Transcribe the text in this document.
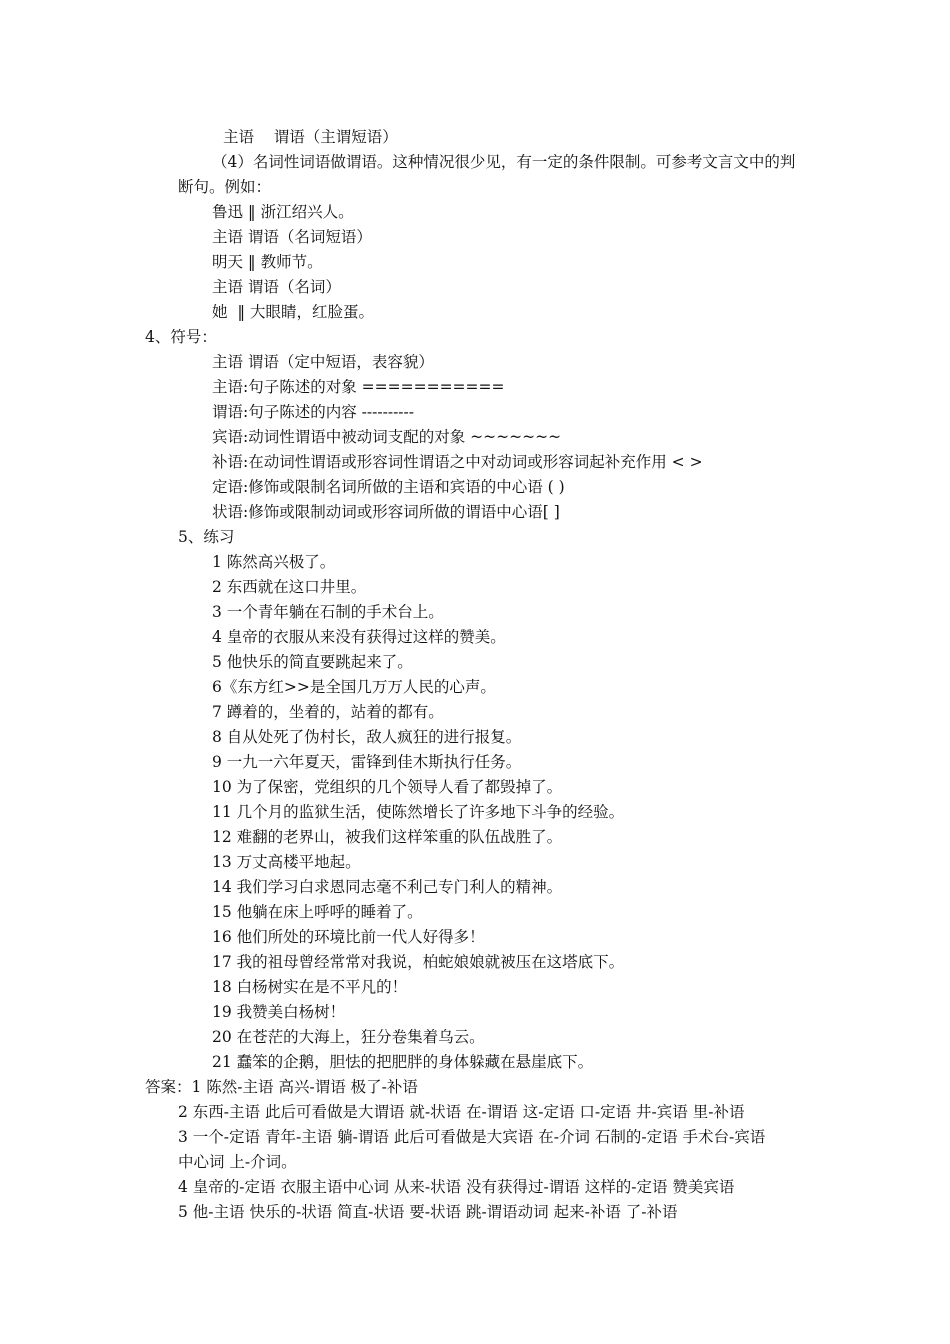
主语    谓语（主谓短语）
（4）名词性词语做谓语。这种情况很少见，有一定的条件限制。可参考文言文中的判
断句。例如：
鲁迅 ‖ 浙江绍兴人。
主语 谓语（名词短语）
明天 ‖ 教师节。
主语 谓语（名词）
她  ‖ 大眼睛，红脸蛋。
4、符号：
主语 谓语（定中短语，表容貌）
主语:句子陈述的对象 ===========
谓语:句子陈述的内容 ----------
宾语:动词性谓语中被动词支配的对象 ~~~~~~~
补语:在动词性谓语或形容词性谓语之中对动词或形容词起补充作用 < >
定语:修饰或限制名词所做的主语和宾语的中心语 ( )
状语:修饰或限制动词或形容词所做的谓语中心语[ ]
5、练习
1 陈然高兴极了。
2 东西就在这口井里。
3 一个青年躺在石制的手术台上。
4 皇帝的衣服从来没有获得过这样的赞美。
5 他快乐的简直要跳起来了。
6《东方红>>是全国几万万人民的心声。
7 蹲着的，坐着的，站着的都有。
8 自从处死了伪村长，敌人疯狂的进行报复。
9 一九一六年夏天，雷锋到佳木斯执行任务。
10 为了保密，党组织的几个领导人看了都毁掉了。
11 几个月的监狱生活，使陈然增长了许多地下斗争的经验。
12 难翻的老界山，被我们这样笨重的队伍战胜了。
13 万丈高楼平地起。
14 我们学习白求恩同志毫不利己专门利人的精神。
15 他躺在床上呼呼的睡着了。
16 他们所处的环境比前一代人好得多！
17 我的祖母曾经常常对我说，柏蛇娘娘就被压在这塔底下。
18 白杨树实在是不平凡的！
19 我赞美白杨树！
20 在苍茫的大海上，狂分卷集着乌云。
21 蠢笨的企鹅，胆怯的把肥胖的身体躲藏在悬崖底下。
答案：1 陈然-主语 高兴-谓语 极了-补语
2 东西-主语 此后可看做是大谓语 就-状语 在-谓语 这-定语 口-定语 井-宾语 里-补语
3 一个-定语 青年-主语 躺-谓语 此后可看做是大宾语 在-介词 石制的-定语 手术台-宾语
中心词 上-介词。
4 皇帝的-定语 衣服主语中心词 从来-状语 没有获得过-谓语 这样的-定语 赞美宾语
5 他-主语 快乐的-状语 简直-状语 要-状语 跳-谓语动词 起来-补语 了-补语
